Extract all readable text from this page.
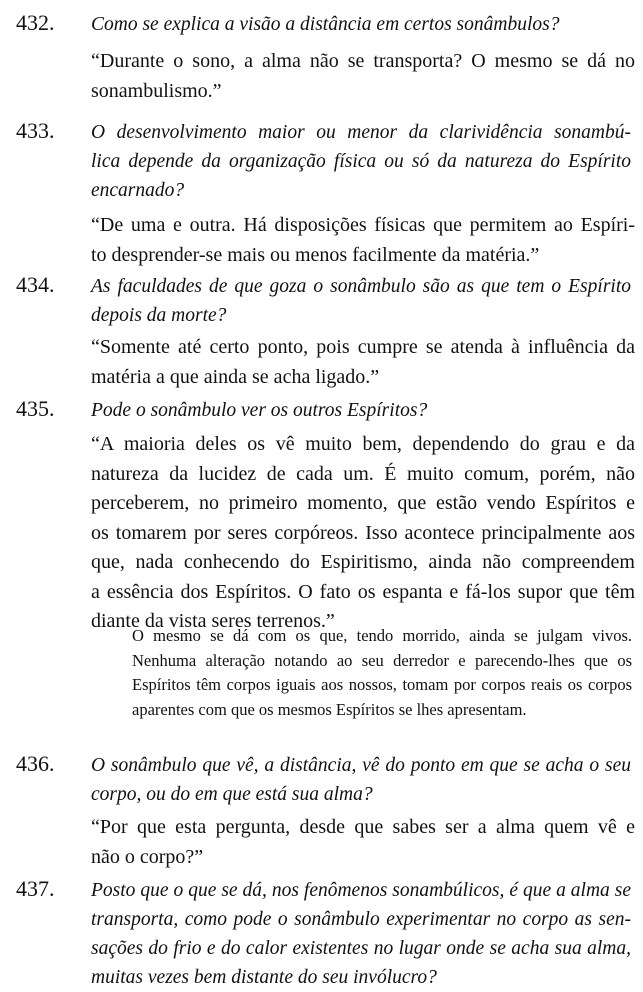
432. Como se explica a visão a distância em certos sonâmbulos?
“Durante o sono, a alma não se transporta? O mesmo se dá no
sonambulismo.”
433. O desenvolvimento maior ou menor da clarividência sonambú-
lica depende da organização física ou só da natureza do Espírito
encarnado?
“De uma e outra. Há disposições físicas que permitem ao Espíri-
to desprender-se mais ou menos facilmente da matéria.”
434. As faculdades de que goza o sonâmbulo são as que tem o Espírito
depois da morte?
“Somente até certo ponto, pois cumpre se atenda à influência da
matéria a que ainda se acha ligado.”
435. Pode o sonâmbulo ver os outros Espíritos?
“A maioria deles os vê muito bem, dependendo do grau e da
natureza da lucidez de cada um. É muito comum, porém, não
perceberem, no primeiro momento, que estão vendo Espíritos e
os tomarem por seres corpóreos. Isso acontece principalmente aos
que, nada conhecendo do Espiritismo, ainda não compreendem
a essência dos Espíritos. O fato os espanta e fá-los supor que têm
diante da vista seres terrenos.”
O mesmo se dá com os que, tendo morrido, ainda se julgam vivos.
Nenhuma alteração notando ao seu derredor e parecendo-lhes que os
Espíritos têm corpos iguais aos nossos, tomam por corpos reais os corpos
aparentes com que os mesmos Espíritos se lhes apresentam.
436. O sonâmbulo que vê, a distância, vê do ponto em que se acha o seu
corpo, ou do em que está sua alma?
“Por que esta pergunta, desde que sabes ser a alma quem vê e
não o corpo?”
437. Posto que o que se dá, nos fenômenos sonambúlicos, é que a alma se
transporta, como pode o sonâmbulo experimentar no corpo as sen-
sações do frio e do calor existentes no lugar onde se acha sua alma,
muitas vezes bem distante do seu invólucro?
